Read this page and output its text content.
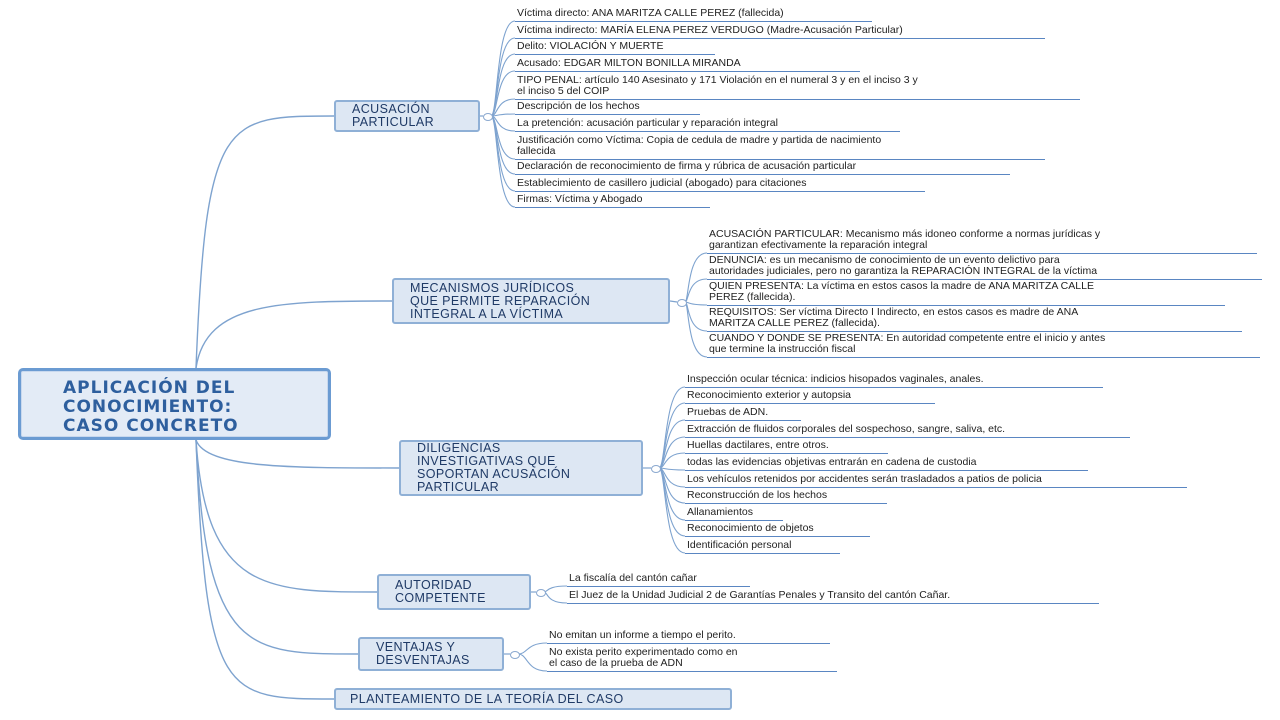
APLICACIÓN DEL
CONOCIMIENTO:
CASO CONCRETO
ACUSACIÓN
PARTICULAR
Víctima directo: ANA MARITZA CALLE PEREZ (fallecida)
Víctima indirecto: MARÍA ELENA PEREZ VERDUGO (Madre-Acusación Particular)
Delito: VIOLACIÓN Y MUERTE
Acusado: EDGAR MILTON BONILLA MIRANDA
TIPO PENAL: artículo 140 Asesinato y 171 Violación en el numeral 3 y en el inciso 3 y
el inciso 5 del COIP
Descripción de los hechos
La pretención: acusación particular y reparación integral
Justificación como Víctima: Copia de cedula de madre y partida de nacimiento
fallecida
Declaración de reconocimiento de firma y rúbrica de acusación particular
Establecimiento de casillero judicial (abogado) para citaciones
Firmas: Víctima y Abogado
MECANISMOS JURÍDICOS
QUE PERMITE REPARACIÓN
INTEGRAL A LA VÍCTIMA
ACUSACIÓN PARTICULAR: Mecanismo más idoneo conforme a normas jurídicas y
garantizan efectivamente la reparación integral
DENUNCIA: es un mecanismo de conocimiento de un evento delictivo para
autoridades judiciales, pero no garantiza la REPARACIÓN INTEGRAL de la víctima
QUIEN PRESENTA: La víctima en estos casos la madre de ANA MARITZA CALLE
PEREZ (fallecida).
REQUISITOS: Ser víctima Directo I Indirecto, en estos casos es madre de ANA
MARITZA CALLE PEREZ (fallecida).
CUANDO Y DONDE SE PRESENTA: En autoridad competente entre el inicio y antes
que termine la instrucción fiscal
DILIGENCIAS
INVESTIGATIVAS QUE
SOPORTAN ACUSACIÓN
PARTICULAR
Inspección ocular técnica: indicios hisopados vaginales, anales.
Reconocimiento exterior y autopsia
Pruebas de ADN.
Extracción de fluidos corporales del sospechoso, sangre, saliva, etc.
Huellas dactilares, entre otros.
todas las evidencias objetivas entrarán en cadena de custodia
Los vehículos retenidos por accidentes serán trasladados a patios de policia
Reconstrucción de los hechos
Allanamientos
Reconocimiento de objetos
Identificación personal
AUTORIDAD
COMPETENTE
La fiscalía del cantón cañar
El Juez de la Unidad Judicial 2 de Garantías Penales y Transito del cantón Cañar.
VENTAJAS Y
DESVENTAJAS
No emitan un informe a tiempo el perito.
No exista perito experimentado como en
el caso de la prueba de ADN
PLANTEAMIENTO DE LA TEORÍA DEL CASO
